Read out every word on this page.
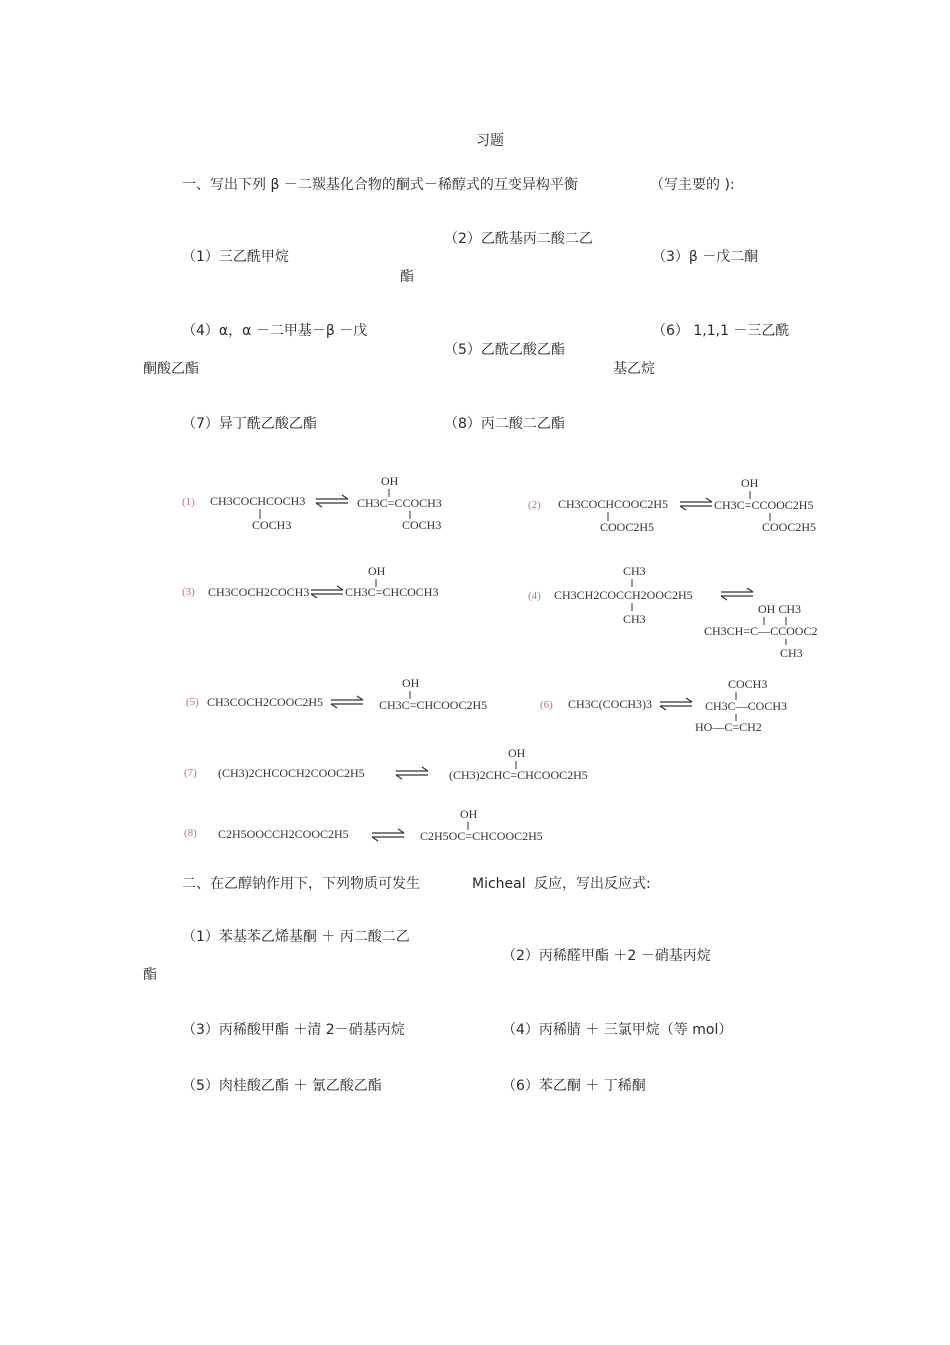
习题
一、写出下列 β －二羰基化合物的酮式－稀醇式的互变异构平衡	（写主要的 ):
（1）三乙酰甲烷
（2）乙酰基丙二酸二乙
酯
（3）β －戊二酮
（4）α，α －二甲基－β －戊
酮酸乙酯
（5）乙酰乙酸乙酯
（6） 1,1,1 －三乙酰
基乙烷
（7）异丁酰乙酸乙酯	（8）丙二酸二乙酯
(1) CH3COCHCOCH3
COCH3
OH
CH3C=CCOCH3
COCH3
(2) CH3COCHCOOC2H5
COOC2H5
OH
CH3C=CCOOC2H5
COOC2H5
(3) CH3COCH2COCH3
OH
CH3C=CHCOCH3	(4)
CH3
CH3CH2COCCH2OOC2H5
CH3
OH CH3
CH3CH=C—CCOOC2
CH3
(5) CH3COCH2COOC2H5
OH
CH3C=CHCOOC2H5	(6) CH3C(COCH3)3
COCH3
CH3C—COCH3
HO—C=CH2
(7) (CH3)2CHCOCH2COOC2H5
OH
(CH3)2CHC=CHCOOC2H5
(8) C2H5OOCCH2COOC2H5
OH
C2H5OC=CHCOOC2H5
二、在乙醇钠作用下，下列物质可发生	Micheal 反应，写出反应式:
（1）苯基苯乙烯基酮 ＋ 丙二酸二乙
酯
（2）丙稀醛甲酯 ＋2 －硝基丙烷
（3）丙稀酸甲酯 ＋清 2－硝基丙烷	（4）丙稀腈 ＋ 三氯甲烷（等 mol）
（5）肉桂酸乙酯 ＋ 氰乙酸乙酯	（6）苯乙酮 ＋ 丁稀酮
